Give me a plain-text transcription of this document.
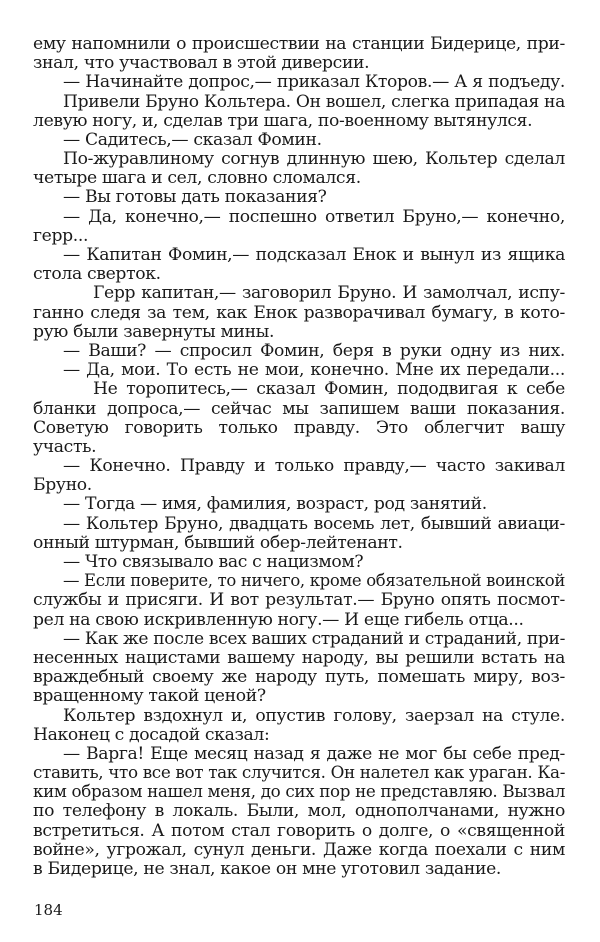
ему напомнили о происшествии на станции Бидерице, при-
знал, что участвовал в этой диверсии.
— Начинайте допрос,— приказал Кторов.— А я подъеду.
Привели Бруно Кольтера. Он вошел, слегка припадая на
левую ногу, и, сделав три шага, по-военному вытянулся.
— Садитесь,— сказал Фомин.
По-журавлиному согнув длинную шею, Кольтер сделал
четыре шага и сел, словно сломался.
— Вы готовы дать показания?
— Да, конечно,— поспешно ответил Бруно,— конечно,
герр...
— Капитан Фомин,— подсказал Енок и вынул из ящика
стола сверток.
Герр капитан,— заговорил Бруно. И замолчал, испу-
ганно следя за тем, как Енок разворачивал бумагу, в кото-
рую были завернуты мины.
— Ваши? — спросил Фомин, беря в руки одну из них.
— Да, мои. То есть не мои, конечно. Мне их передали...
Не торопитесь,— сказал Фомин, пододвигая к себе
бланки допроса,— сейчас мы запишем ваши показания.
Советую говорить только правду. Это облегчит вашу
участь.
— Конечно. Правду и только правду,— часто закивал
Бруно.
— Тогда — имя, фамилия, возраст, род занятий.
— Кольтер Бруно, двадцать восемь лет, бывший авиаци-
онный штурман, бывший обер-лейтенант.
— Что связывало вас с нацизмом?
— Если поверите, то ничего, кроме обязательной воинской
службы и присяги. И вот результат.— Бруно опять посмот-
рел на свою искривленную ногу.— И еще гибель отца...
— Как же после всех ваших страданий и страданий, при-
несенных нацистами вашему народу, вы решили встать на
враждебный своему же народу путь, помешать миру, воз-
вращенному такой ценой?
Кольтер вздохнул и, опустив голову, заерзал на стуле.
Наконец с досадой сказал:
— Варга! Еще месяц назад я даже не мог бы себе пред-
ставить, что все вот так случится. Он налетел как ураган. Ка-
ким образом нашел меня, до сих пор не представляю. Вызвал
по телефону в локаль. Были, мол, однополчанами, нужно
встретиться. А потом стал говорить о долге, о «священной
войне», угрожал, сунул деньги. Даже когда поехали с ним
в Бидерице, не знал, какое он мне уготовил задание.
184
